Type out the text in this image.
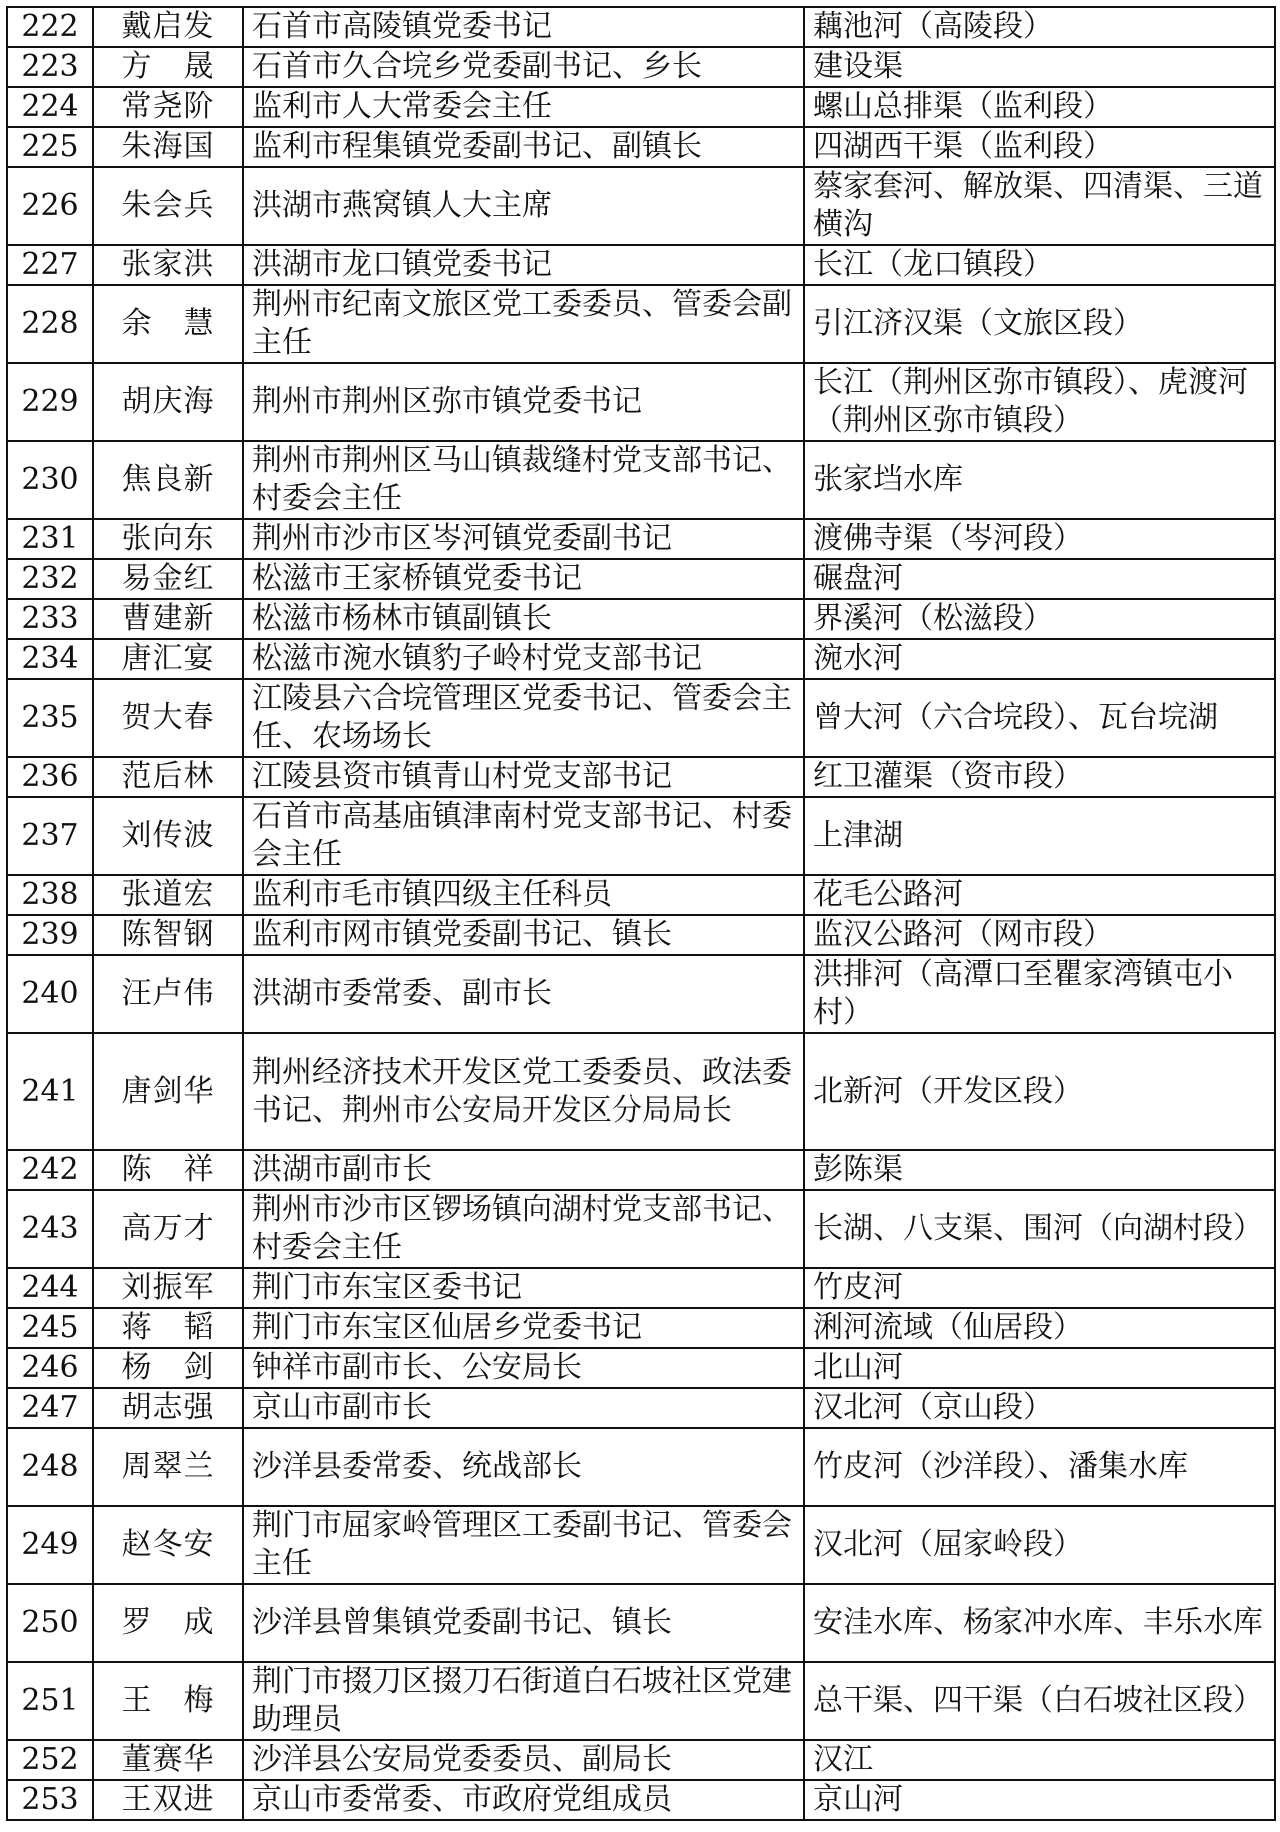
222	戴启发	石首市高陵镇党委书记	藕池河（高陵段）
223	方　晟	石首市久合垸乡党委副书记、乡长	建设渠
224	常尧阶	监利市人大常委会主任	螺山总排渠（监利段）
225	朱海国	监利市程集镇党委副书记、副镇长	四湖西干渠（监利段）
226	朱会兵	洪湖市燕窝镇人大主席	蔡家套河、解放渠、四清渠、三道横沟
227	张家洪	洪湖市龙口镇党委书记	长江（龙口镇段）
228	余　慧	荆州市纪南文旅区党工委委员、管委会副主任	引江济汉渠（文旅区段）
229	胡庆海	荆州市荆州区弥市镇党委书记	长江（荆州区弥市镇段）、虎渡河（荆州区弥市镇段）
230	焦良新	荆州市荆州区马山镇裁缝村党支部书记、村委会主任	张家垱水库
231	张向东	荆州市沙市区岑河镇党委副书记	渡佛寺渠（岑河段）
232	易金红	松滋市王家桥镇党委书记	碾盘河
233	曹建新	松滋市杨林市镇副镇长	界溪河（松滋段）
234	唐汇宴	松滋市涴水镇豹子岭村党支部书记	涴水河
235	贺大春	江陵县六合垸管理区党委书记、管委会主任、农场场长	曾大河（六合垸段）、瓦台垸湖
236	范后林	江陵县资市镇青山村党支部书记	红卫灌渠（资市段）
237	刘传波	石首市高基庙镇津南村党支部书记、村委会主任	上津湖
238	张道宏	监利市毛市镇四级主任科员	花毛公路河
239	陈智钢	监利市网市镇党委副书记、镇长	监汉公路河（网市段）
240	汪卢伟	洪湖市委常委、副市长	洪排河（高潭口至瞿家湾镇屯小村）
241	唐剑华	荆州经济技术开发区党工委委员、政法委书记、荆州市公安局开发区分局局长	北新河（开发区段）
242	陈　祥	洪湖市副市长	彭陈渠
243	高万才	荆州市沙市区锣场镇向湖村党支部书记、村委会主任	长湖、八支渠、围河（向湖村段）
244	刘振军	荆门市东宝区委书记	竹皮河
245	蒋　韬	荆门市东宝区仙居乡党委书记	浰河流域（仙居段）
246	杨　剑	钟祥市副市长、公安局长	北山河
247	胡志强	京山市副市长	汉北河（京山段）
248	周翠兰	沙洋县委常委、统战部长	竹皮河（沙洋段）、潘集水库
249	赵冬安	荆门市屈家岭管理区工委副书记、管委会主任	汉北河（屈家岭段）
250	罗　成	沙洋县曾集镇党委副书记、镇长	安洼水库、杨家冲水库、丰乐水库
251	王　梅	荆门市掇刀区掇刀石街道白石坡社区党建助理员	总干渠、四干渠（白石坡社区段）
252	董赛华	沙洋县公安局党委委员、副局长	汉江
253	王双进	京山市委常委、市政府党组成员	京山河
